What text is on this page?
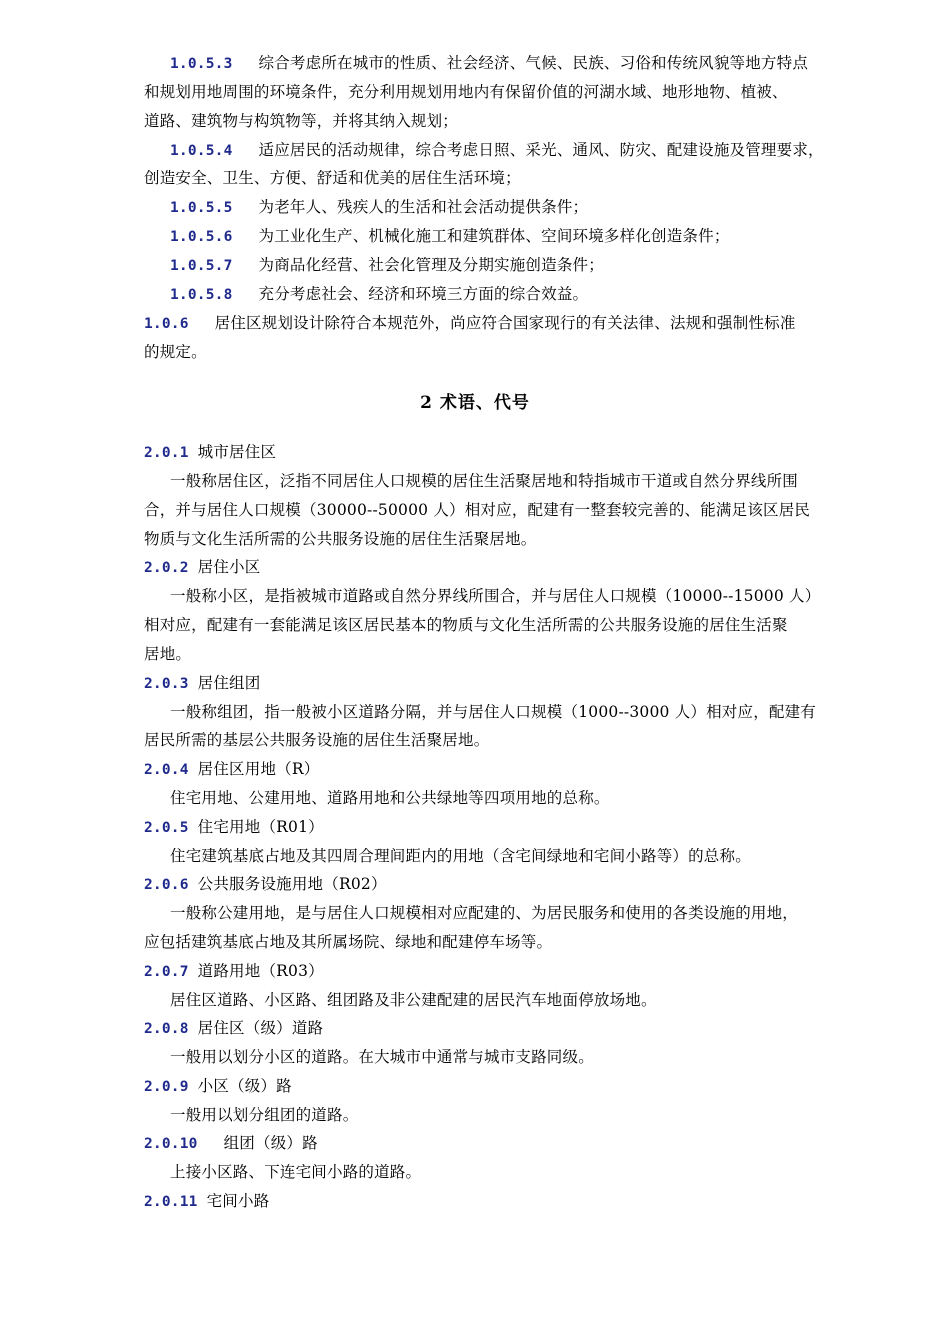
1.0.5.3 综合考虑所在城市的性质、社会经济、气候、民族、习俗和传统风貌等地方特点
和规划用地周围的环境条件，充分利用规划用地内有保留价值的河湖水域、地形地物、植被、
道路、建筑物与构筑物等，并将其纳入规划；
1.0.5.4 适应居民的活动规律，综合考虑日照、采光、通风、防灾、配建设施及管理要求，
创造安全、卫生、方便、舒适和优美的居住生活环境；
1.0.5.5 为老年人、残疾人的生活和社会活动提供条件；
1.0.5.6 为工业化生产、机械化施工和建筑群体、空间环境多样化创造条件；
1.0.5.7 为商品化经营、社会化管理及分期实施创造条件；
1.0.5.8 充分考虑社会、经济和环境三方面的综合效益。
1.0.6 居住区规划设计除符合本规范外，尚应符合国家现行的有关法律、法规和强制性标准
的规定。
2 术语、代号
2.0.1 城市居住区
一般称居住区，泛指不同居住人口规模的居住生活聚居地和特指城市干道或自然分界线所围
合，并与居住人口规模（30000--50000 人）相对应，配建有一整套较完善的、能满足该区居民
物质与文化生活所需的公共服务设施的居住生活聚居地。
2.0.2 居住小区
一般称小区，是指被城市道路或自然分界线所围合，并与居住人口规模（10000--15000 人）
相对应，配建有一套能满足该区居民基本的物质与文化生活所需的公共服务设施的居住生活聚
居地。
2.0.3 居住组团
一般称组团，指一般被小区道路分隔，并与居住人口规模（1000--3000 人）相对应，配建有
居民所需的基层公共服务设施的居住生活聚居地。
2.0.4 居住区用地（R）
住宅用地、公建用地、道路用地和公共绿地等四项用地的总称。
2.0.5 住宅用地（R01）
住宅建筑基底占地及其四周合理间距内的用地（含宅间绿地和宅间小路等）的总称。
2.0.6 公共服务设施用地（R02）
一般称公建用地，是与居住人口规模相对应配建的、为居民服务和使用的各类设施的用地，
应包括建筑基底占地及其所属场院、绿地和配建停车场等。
2.0.7 道路用地（R03）
居住区道路、小区路、组团路及非公建配建的居民汽车地面停放场地。
2.0.8 居住区（级）道路
一般用以划分小区的道路。在大城市中通常与城市支路同级。
2.0.9 小区（级）路
一般用以划分组团的道路。
2.0.10 组团（级）路
上接小区路、下连宅间小路的道路。
2.0.11 宅间小路
